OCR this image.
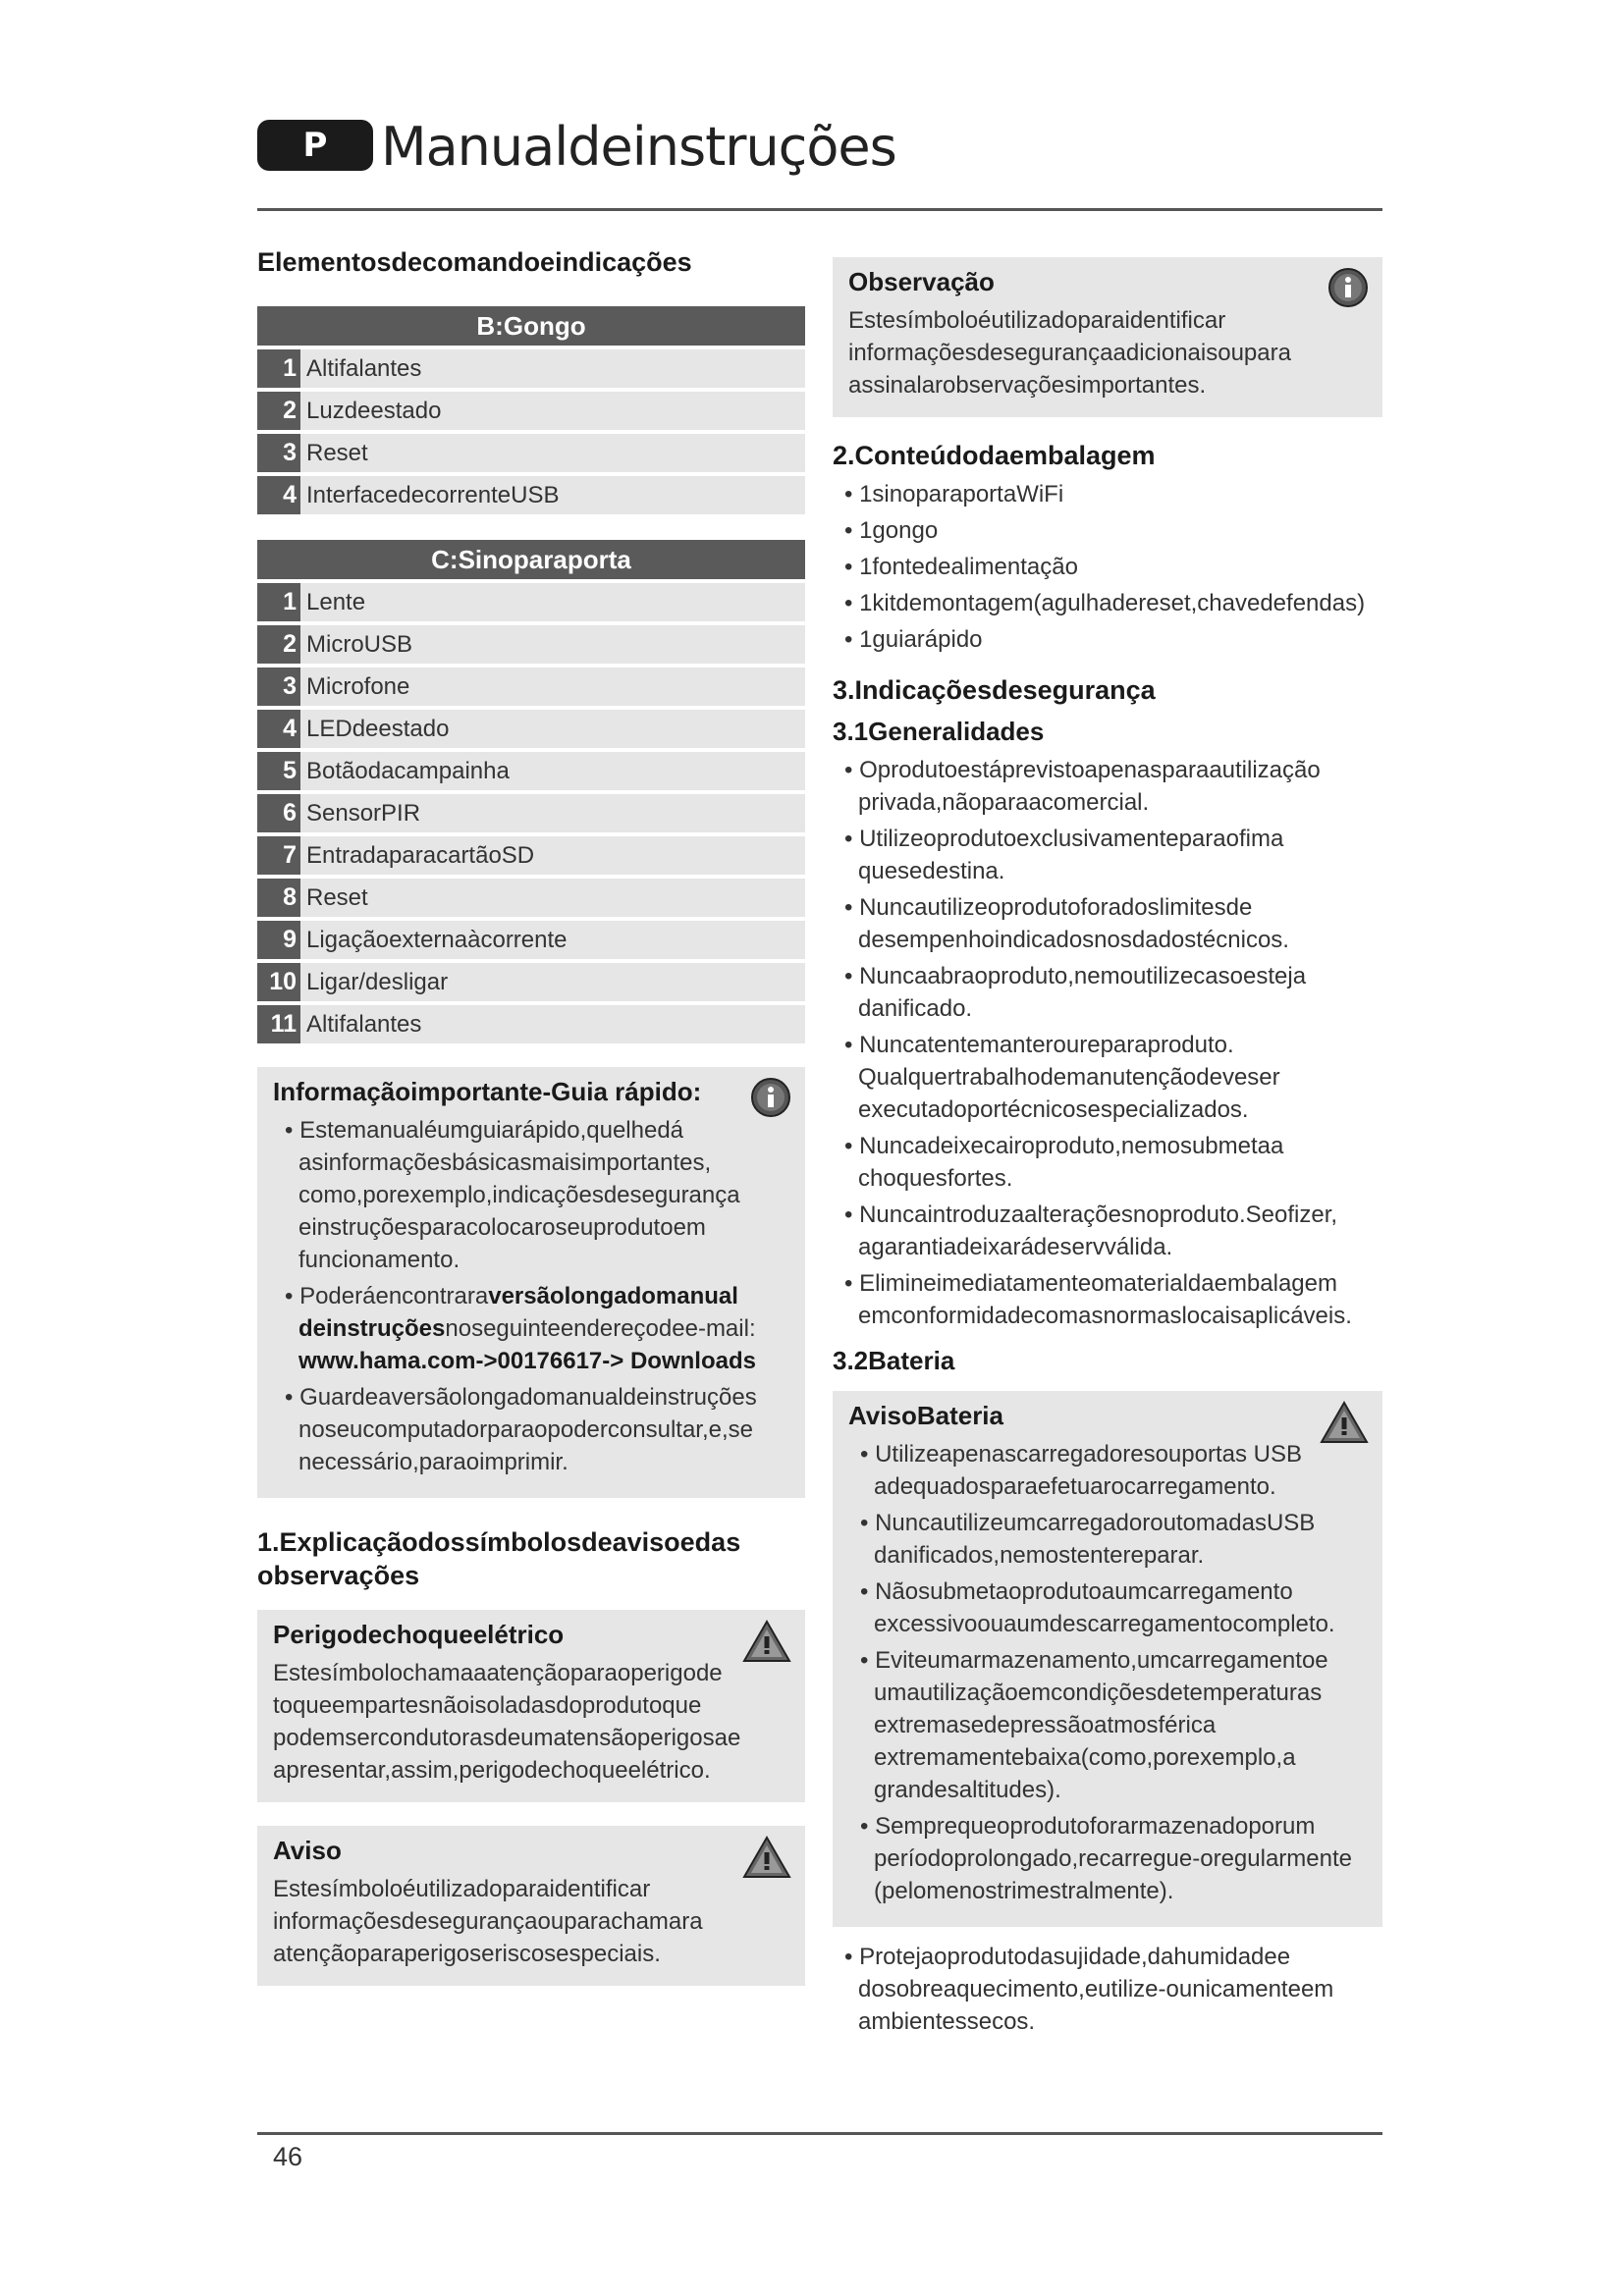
P	Manualdeinstruções
Elementosdecomandoeindicações
B:Gongo
1 Altifalantes
2 Luzdeestado
3 Reset
4 InterfacedecorrenteUSB
C:Sinoparaporta
1 Lente
2 MicroUSB
3 Microfone
4 LEDdeestado
5 Botãodacampainha
6 SensorPIR
7 EntradaparacartãoSD
8 Reset
9 Ligaçãoexternaàcorrente
10 Ligar/desligar
11 Altifalantes
Informaçãoimportante-Guia rápido:
• Estemanualéumguiarápido,quelhedá asinformaçõesbásicasmaisimportantes, como,porexemplo,indicaçõesdesegurança einstruçõesparacolocaroseuprodutoem funcionamento.
• Poderáencontraraversãolongadomanual deinstruçõesnoseguinteendereçodee-mail:
www.hama.com->00176617-> Downloads
• Guardeaversãolongadomanualdeinstruções noseucomputadorparaopoderconsultar,e,se necessário,paraoimprimir.
1.Explicaçãodossímbolosdeavisoedas observações
Perigodechoqueelétrico
Estesímbolochamaaatençãoparaoperigode toqueempartesnãoisoladasdoprodutoque podemsercondutorasdeumatensãoperigosae apresentar,assim,perigodechoqueelétrico.
Aviso
Estesímboloéutilizadoparaidentificar informaçõesdesegurançaouparachamara atençãoparaperigoseriscosespeciais.
Observação
Estesímboloéutilizadoparaidentificar informaçõesdesegurançaadicionaisoupara assinalarobservaçõesimportantes.
2.Conteúdodaembalagem
• 1sinoparaportaWiFi
• 1gongo
• 1fontedealimentação
• 1kitdemontagem(agulhadereset,chavedefendas)
• 1guiarápido
3.Indicaçõesdesegurança
3.1Generalidades
• Oprodutoestáprevistoapenasparaautilização privada,nãoparaacomercial.
• Utilizeoprodutoexclusivamenteparaofima quesedestina.
• Nuncautilizeoprodutoforadoslimitesde desempenhoindicadosnosdadostécnicos.
• Nuncaabraoproduto,nemoutilizecasoesteja danificado.
• Nuncatentemanteroureparaproduto. Qualquertrabalhodemanutençãodeveser executadoportécnicosespecializados.
• Nuncadeixecairoproduto,nemosubmetaa choquesfortes.
• Nuncaintroduzaalteraçõesnoproduto.Seofizer, agarantiadeixarádeservválida.
• Elimineimediatamenteomaterialdaembalagem emconformidadecomasnormaslocaisaplicáveis.
3.2Bateria
AvisoBateria
• Utilizeapenascarregadoresouportas USB adequadosparaefetuarocarregamento.
• NuncautilizeumcarregadoroutomadasUSB danificados,nemostentereparar.
• Nãosubmetaoprodutoaumcarregamento excessivoouaumdescarregamentocompleto.
• Eviteumarmazenamento,umcarregamentoe umautilizaçãoemcondiçõesdetemperaturas extremasedepressãoatmosférica extremamentebaixa(como,porexemplo,a grandesaltitudes).
• Semprequeoprodutoforarmazenadoporum períodoprolongado,recarregue-oregularmente (pelomenostrimestralmente).
• Protejaoprodutodasujidade,dahumidadee dosobreaquecimento,eutilize-ounicamenteem ambientessecos.
46
